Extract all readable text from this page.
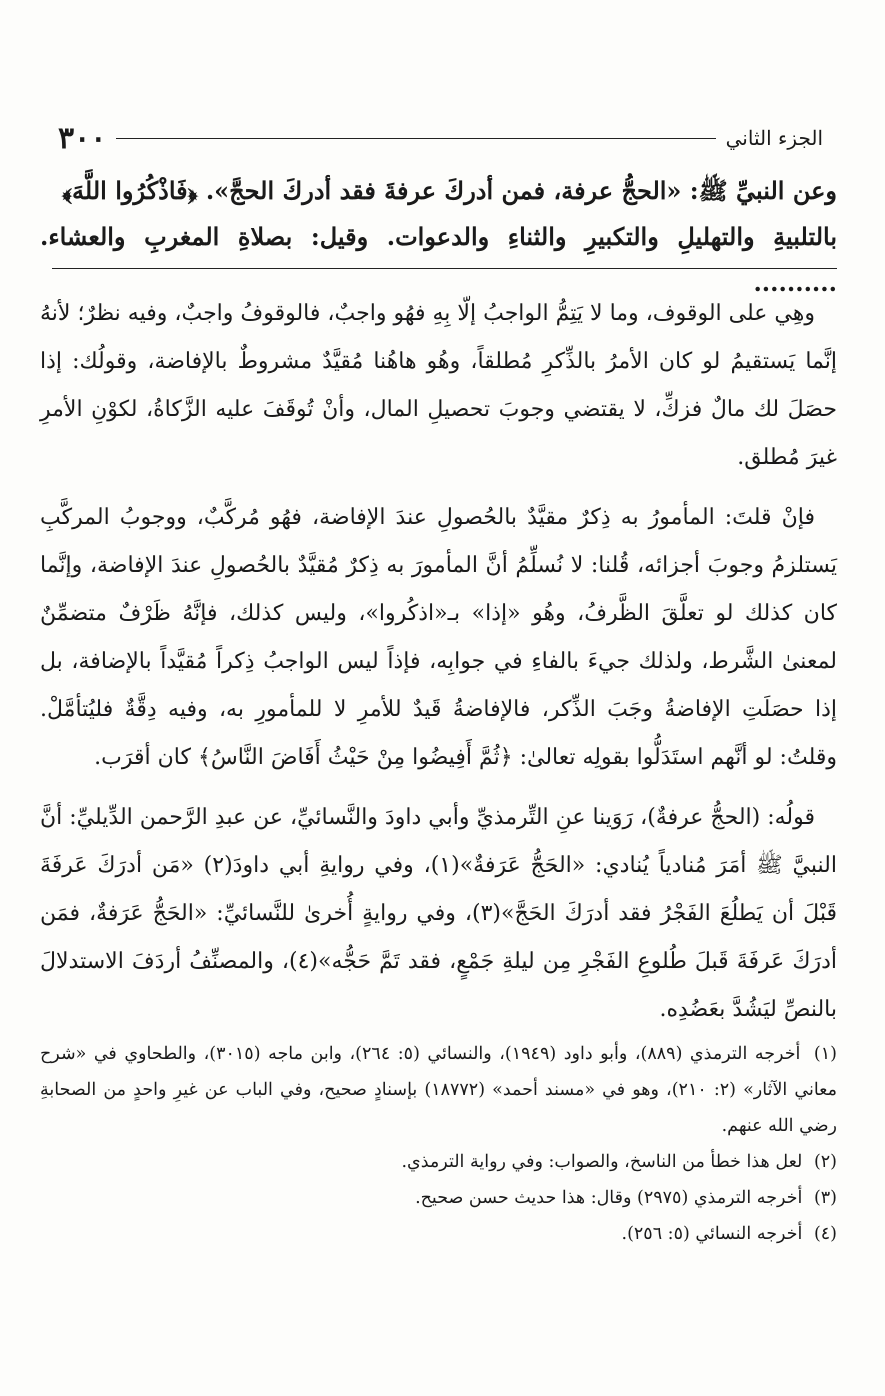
الجزء الثاني
٣٠٠
وعن النبيِّ ﷺ: «الحجُّ عرفة، فمن أدركَ عرفةَ فقد أدركَ الحجَّ». ﴿فَاذْكُرُوا اللَّهَ﴾
بالتلبيةِ والتهليلِ والتكبيرِ والثناءِ والدعوات. وقيل: بصلاةِ المغربِ والعشاء. ..........

وهِي على الوقوف، وما لا يَتِمُّ الواجبُ إلّا بِهِ فهُو واجبٌ، فالوقوفُ واجبٌ، وفيه نظرٌ؛ لأنهُ إنَّما يَستقيمُ لو كان الأمرُ بالذِّكرِ مُطلقاً، وهُو هاهُنا مُقيَّدٌ مشروطٌ بالإفاضة، وقولُك: إذا حصَلَ لك مالٌ فزكِّ، لا يقتضي وجوبَ تحصيلِ المال، وأنْ تُوقَفَ عليه الزَّكاةُ، لكوْنِ الأمرِ غيرَ مُطلق.

فإنْ قلتَ: المأمورُ به ذِكرٌ مقيَّدٌ بالحُصولِ عندَ الإفاضة، فهُو مُركَّبٌ، ووجوبُ المركَّبِ يَستلزمُ وجوبَ أجزائه، قُلنا: لا نُسلِّمُ أنَّ المأمورَ به ذِكرٌ مُقيَّدٌ بالحُصولِ عندَ الإفاضة، وإنَّما كان كذلك لو تعلَّقَ الظَّرفُ، وهُو «إذا» بـ«اذكُروا»، وليس كذلك، فإنَّهُ ظَرْفٌ متضمِّنٌ لمعنىٰ الشَّرط، ولذلك جيءَ بالفاءِ في جوابِه، فإذاً ليس الواجبُ ذِكراً مُقيَّداً بالإضافة، بل إذا حصَلَتِ الإفاضةُ وجَبَ الذِّكر، فالإفاضةُ قَيدٌ للأمرِ لا للمأمورِ به، وفيه دِقَّةٌ فليُتأمَّلْ. وقلتُ: لو أنَّهم استَدَلُّوا بقولِه تعالىٰ: ﴿ثُمَّ أَفِيضُوا مِنْ حَيْثُ أَفَاضَ النَّاسُ﴾ كان أقرَب.

قولُه: (الحجُّ عرفةٌ)، رَوَينا عنِ التِّرمذيِّ وأبي داودَ والنَّسائيِّ، عن عبدِ الرَّحمن الدِّيليِّ: أنَّ النبيَّ ﷺ أمَرَ مُنادياً يُنادي: «الحَجُّ عَرَفةٌ»(١)، وفي روايةِ أبي داودَ(٢) «مَن أدرَكَ عَرفَةَ قَبْلَ أن يَطلُعَ الفَجْرُ فقد أدرَكَ الحَجَّ»(٣)، وفي روايةٍ أُخرىٰ للنَّسائيِّ: «الحَجُّ عَرَفةٌ، فمَن أدرَكَ عَرفَةَ قَبلَ طُلوعِ الفَجْرِ مِن ليلةِ جَمْعٍ، فقد تَمَّ حَجُّه»(٤)، والمصنِّفُ أردَفَ الاستدلالَ بالنصِّ ليَشُدَّ بعَضُدِه.

(١) أخرجه الترمذي (٨٨٩)، وأبو داود (١٩٤٩)، والنسائي (٥: ٢٦٤)، وابن ماجه (٣٠١٥)، والطحاوي في «شرح معاني الآثار» (٢: ٢١٠)، وهو في «مسند أحمد» (١٨٧٧٢) بإسنادٍ صحيح، وفي الباب عن غيرِ واحدٍ من الصحابةِ رضي الله عنهم.

(٢) لعل هذا خطأ من الناسخ، والصواب: وفي رواية الترمذي.

(٣) أخرجه الترمذي (٢٩٧٥) وقال: هذا حديث حسن صحيح.

(٤) أخرجه النسائي (٥: ٢٥٦).
